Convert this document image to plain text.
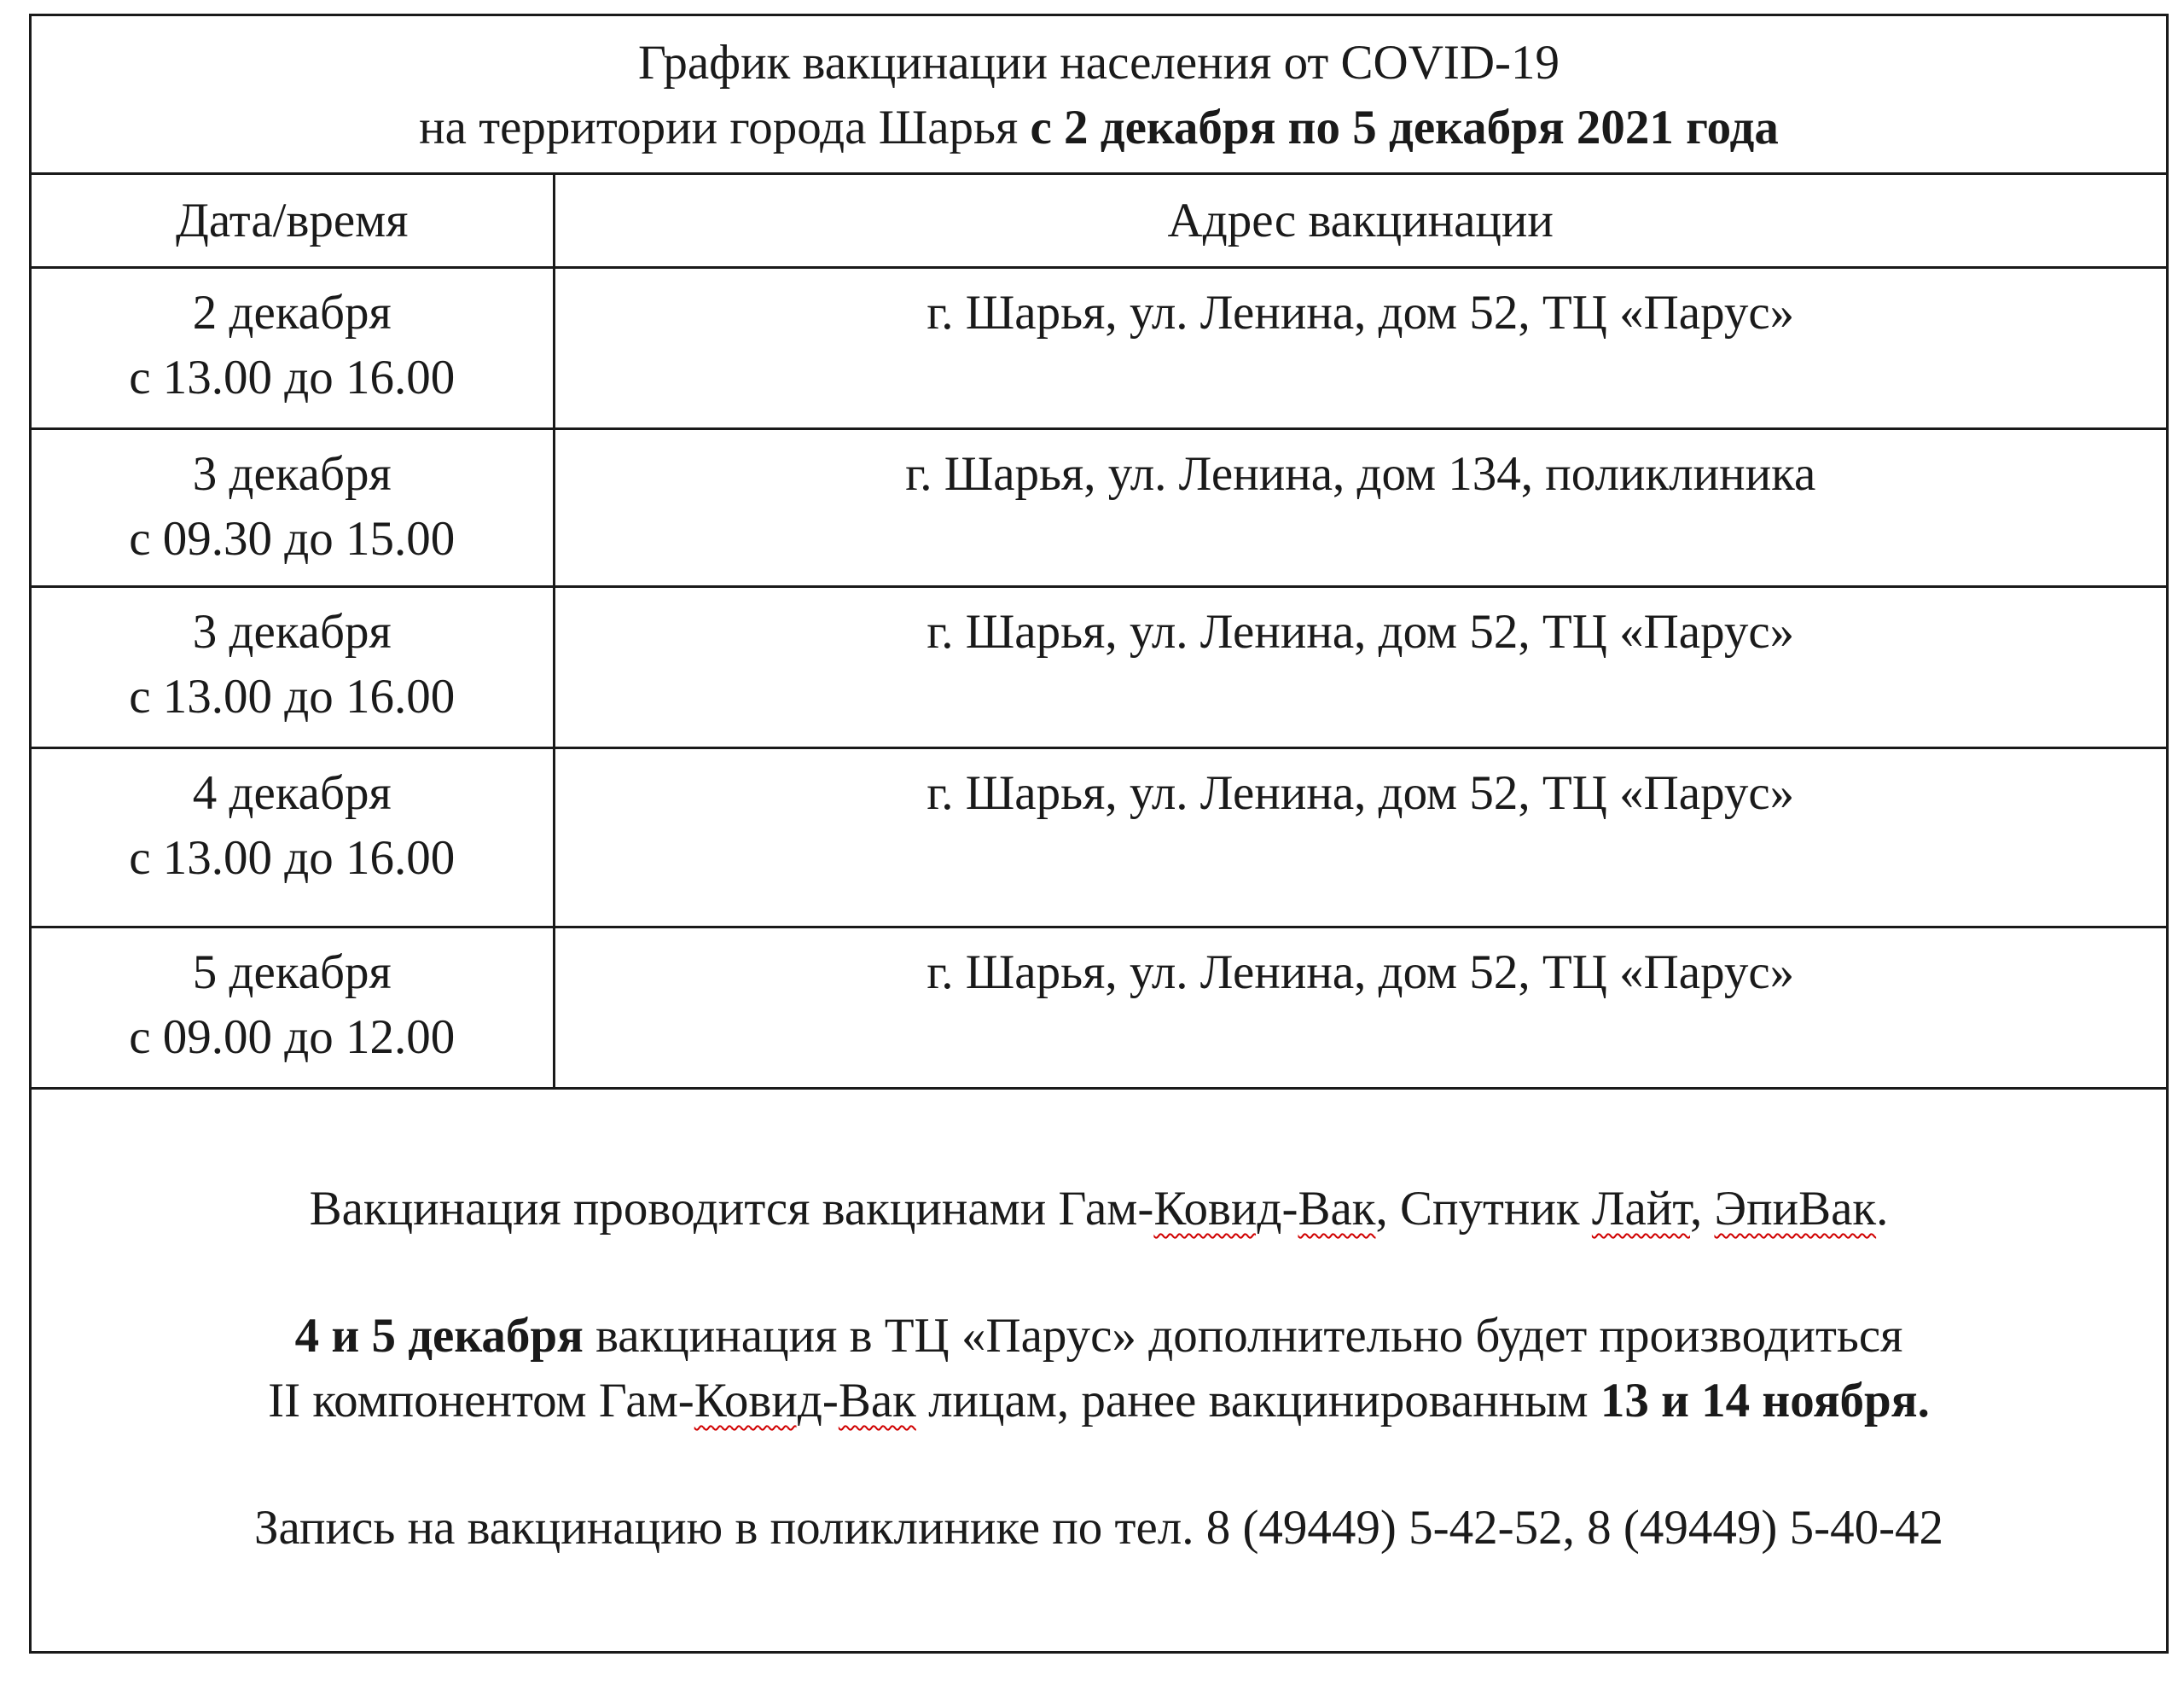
График вакцинации населения от COVID-19
на территории города Шарья с 2 декабря по 5 декабря 2021 года
Дата/время	Адрес вакцинации

2 декабря
с 13.00 до 16.00	г. Шарья, ул. Ленина, дом 52, ТЦ «Парус»

3 декабря
с 09.30 до 15.00	г. Шарья, ул. Ленина, дом 134, поликлиника

3 декабря
с 13.00 до 16.00	г. Шарья, ул. Ленина, дом 52, ТЦ «Парус»

4 декабря
с 13.00 до 16.00	г. Шарья, ул. Ленина, дом 52, ТЦ «Парус»

5 декабря
с 09.00 до 12.00	г. Шарья, ул. Ленина, дом 52, ТЦ «Парус»

Вакцинация проводится вакцинами Гам-Ковид-Вак, Спутник Лайт, ЭпиВак.

4 и 5 декабря вакцинация в ТЦ «Парус» дополнительно будет производиться
II компонентом Гам-Ковид-Вак лицам, ранее вакцинированным 13 и 14 ноября.

Запись на вакцинацию в поликлинике по тел. 8 (49449) 5-42-52, 8 (49449) 5-40-42
